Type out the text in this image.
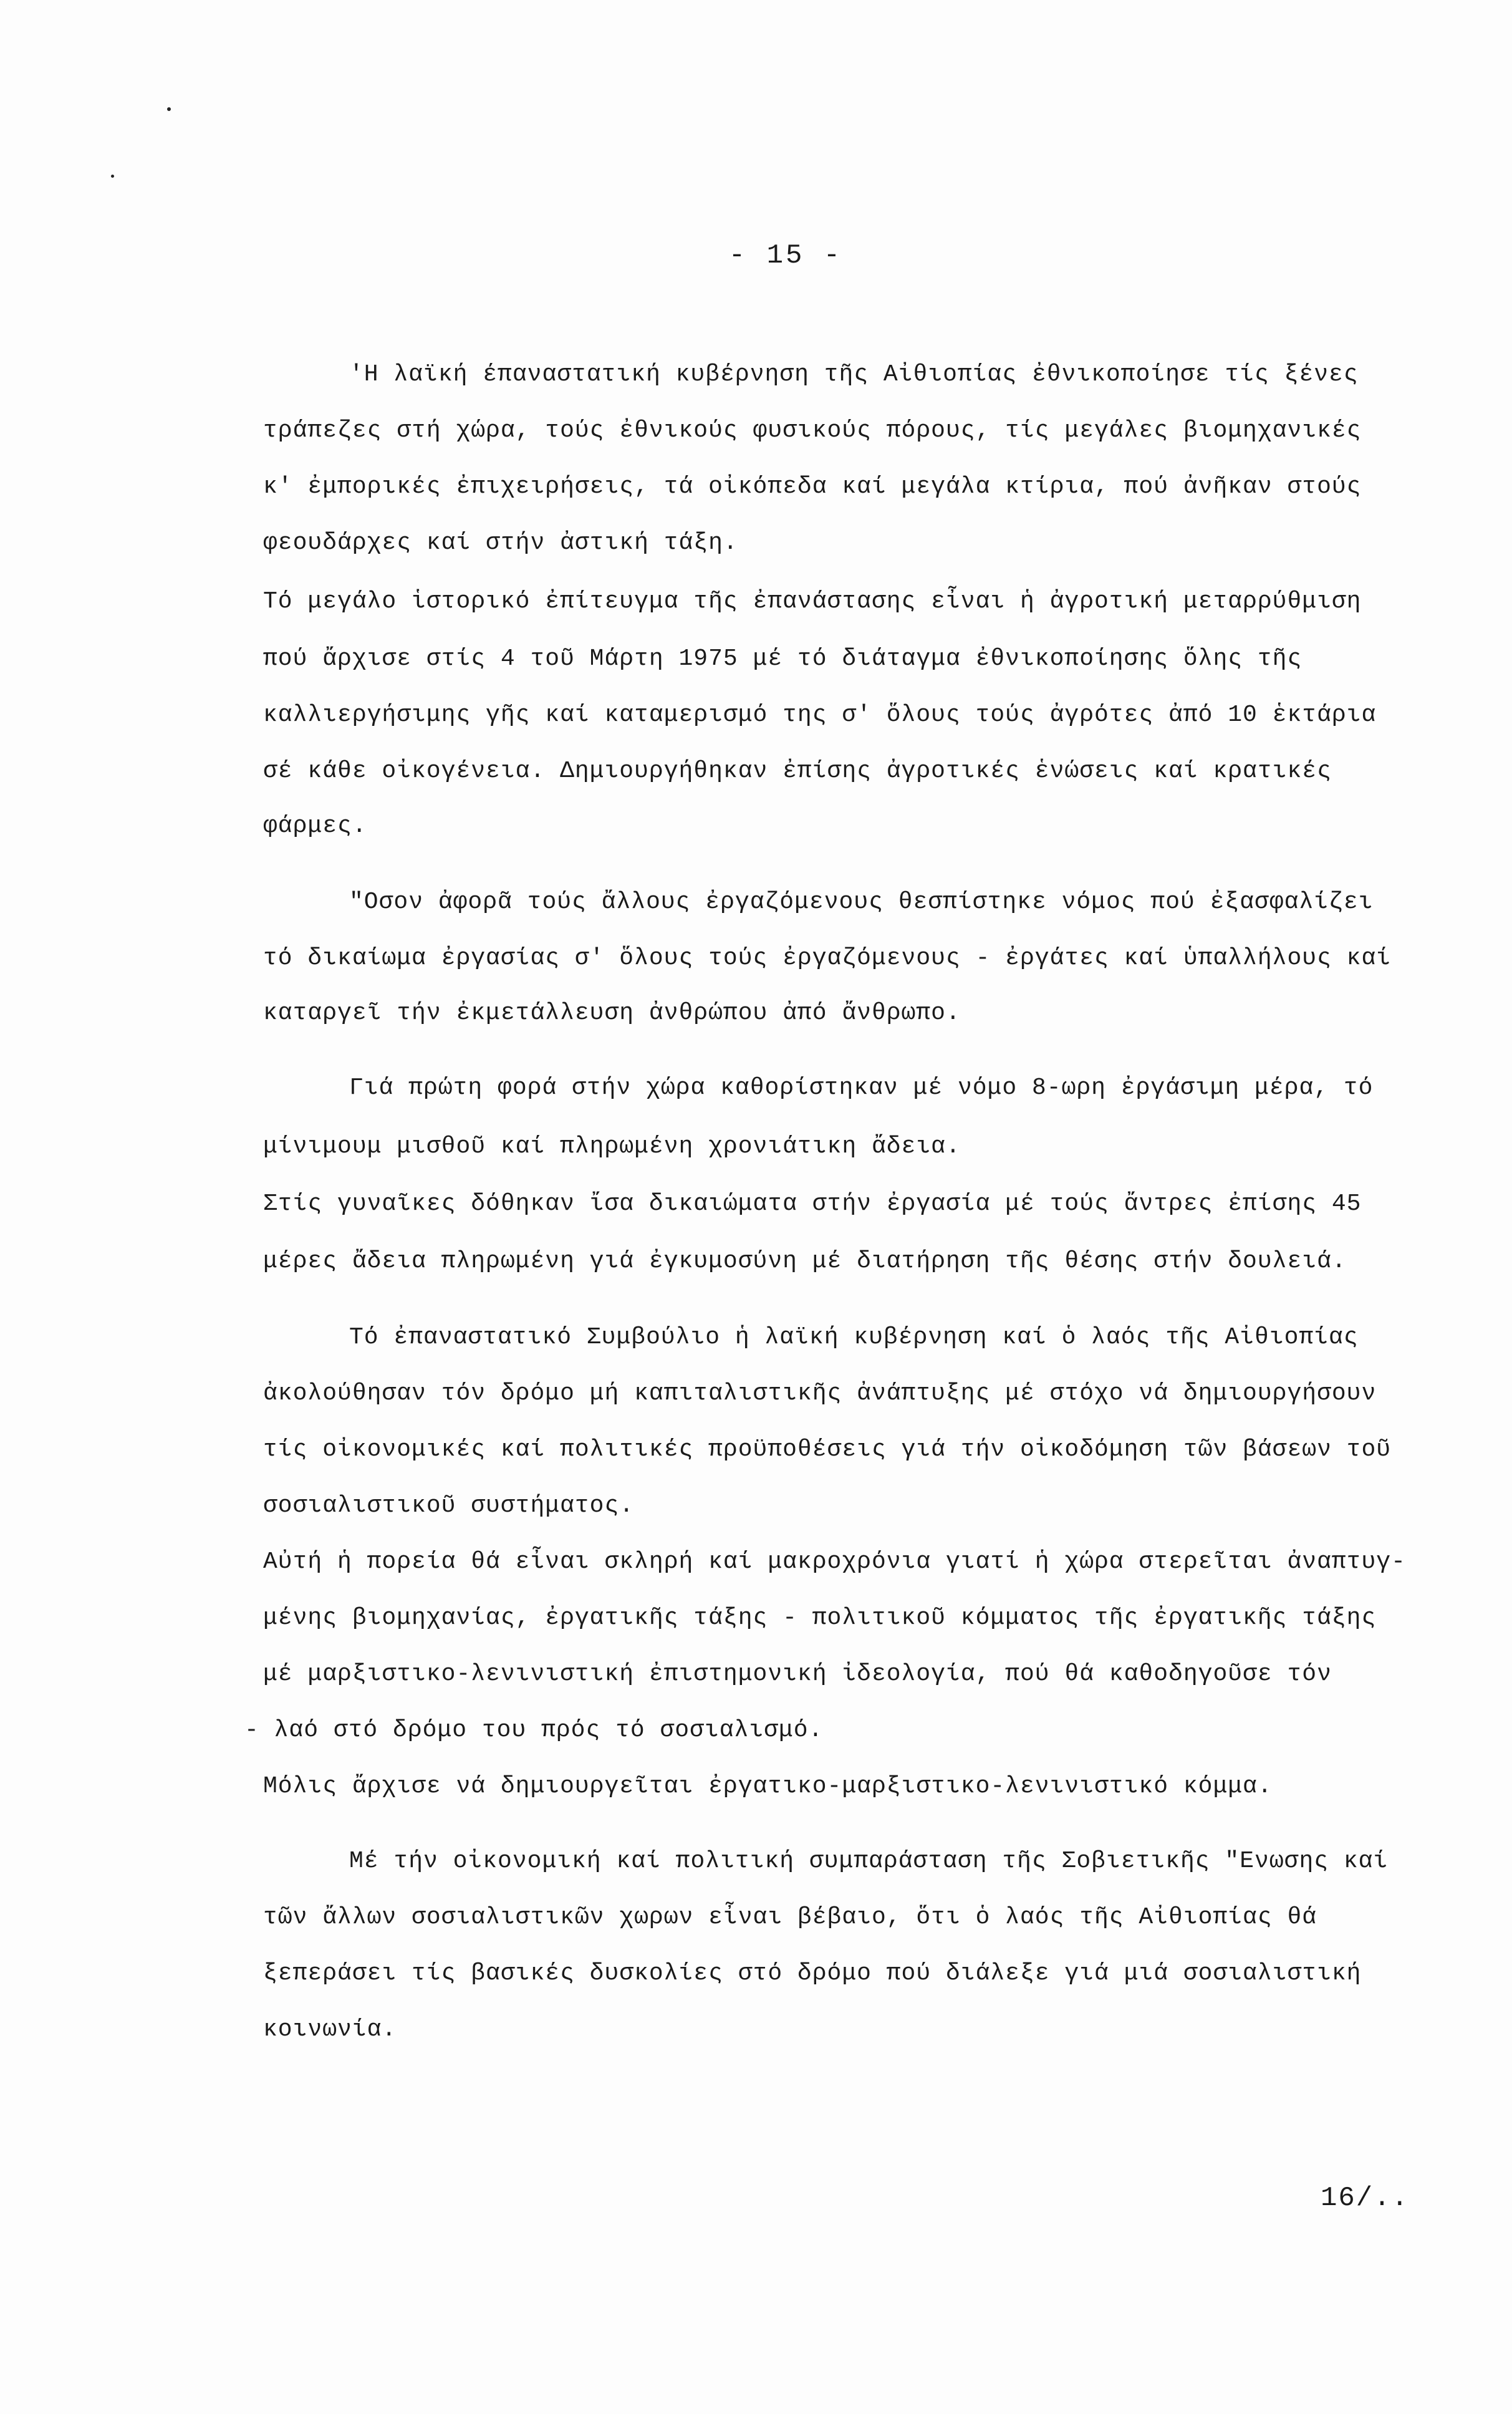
- 15 -
'Η λαϊκή έπαναστατική κυβέρνηση τῆς Αἰθιοπίας ἐθνικοποίησε τίς ξένες
τράπεζες στή χώρα, τούς ἐθνικούς φυσικούς πόρους, τίς μεγάλες βιομηχανικές
κ' ἐμπορικές ἐπιχειρήσεις, τά οἰκόπεδα καί μεγάλα κτίρια, πού ἀνῆκαν στούς
φεουδάρχες καί στήν ἀστική τάξη.
Τό μεγάλο ἱστορικό ἐπίτευγμα τῆς ἐπανάστασης εἶναι ἡ ἀγροτική μεταρρύθμιση
πού ἄρχισε στίς 4 τοῦ Μάρτη 1975 μέ τό διάταγμα ἐθνικοποίησης ὅλης τῆς
καλλιεργήσιμης γῆς καί καταμερισμό της σ' ὅλους τούς ἀγρότες ἀπό 10 ἑκτάρια
σέ κάθε οἰκογένεια. Δημιουργήθηκαν ἐπίσης ἀγροτικές ἑνώσεις καί κρατικές
φάρμες.
"Οσον ἀφορᾶ τούς ἄλλους ἐργαζόμενους θεσπίστηκε νόμος πού ἐξασφαλίζει
τό δικαίωμα ἐργασίας σ' ὅλους τούς ἐργαζόμενους - ἐργάτες καί ὑπαλλήλους καί
καταργεῖ τήν ἐκμετάλλευση ἀνθρώπου ἀπό ἄνθρωπο.
Γιά πρώτη φορά στήν χώρα καθορίστηκαν μέ νόμο 8-ωρη ἐργάσιμη μέρα, τό
μίνιμουμ μισθοῦ καί πληρωμένη χρονιάτικη ἄδεια.
Στίς γυναῖκες δόθηκαν ἴσα δικαιώματα στήν ἐργασία μέ τούς ἄντρες ἐπίσης 45
μέρες ἄδεια πληρωμένη γιά ἐγκυμοσύνη μέ διατήρηση τῆς θέσης στήν δουλειά.
Τό ἐπαναστατικό Συμβούλιο ἡ λαϊκή κυβέρνηση καί ὁ λαός τῆς Αἰθιοπίας
ἀκολούθησαν τόν δρόμο μή καπιταλιστικῆς ἀνάπτυξης μέ στόχο νά δημιουργήσουν
τίς οἰκονομικές καί πολιτικές προϋποθέσεις γιά τήν οἰκοδόμηση τῶν βάσεων τοῦ
σοσιαλιστικοῦ συστήματος.
Αὐτή ἡ πορεία θά εἶναι σκληρή καί μακροχρόνια γιατί ἡ χώρα στερεῖται ἀναπτυγ-
μένης βιομηχανίας, ἐργατικῆς τάξης - πολιτικοῦ κόμματος τῆς ἐργατικῆς τάξης
μέ μαρξιστικο-λενινιστική ἐπιστημονική ἰδεολογία, πού θά καθοδηγοῦσε τόν
- λαό στό δρόμο του πρός τό σοσιαλισμό.
Μόλις ἄρχισε νά δημιουργεῖται ἐργατικο-μαρξιστικο-λενινιστικό κόμμα.
Μέ τήν οἰκονομική καί πολιτική συμπαράσταση τῆς Σοβιετικῆς "Ενωσης καί
τῶν ἄλλων σοσιαλιστικῶν χωρων εἶναι βέβαιο, ὅτι ὁ λαός τῆς Αἰθιοπίας θά
ξεπεράσει τίς βασικές δυσκολίες στό δρόμο πού διάλεξε γιά μιά σοσιαλιστική
κοινωνία.
16/..
